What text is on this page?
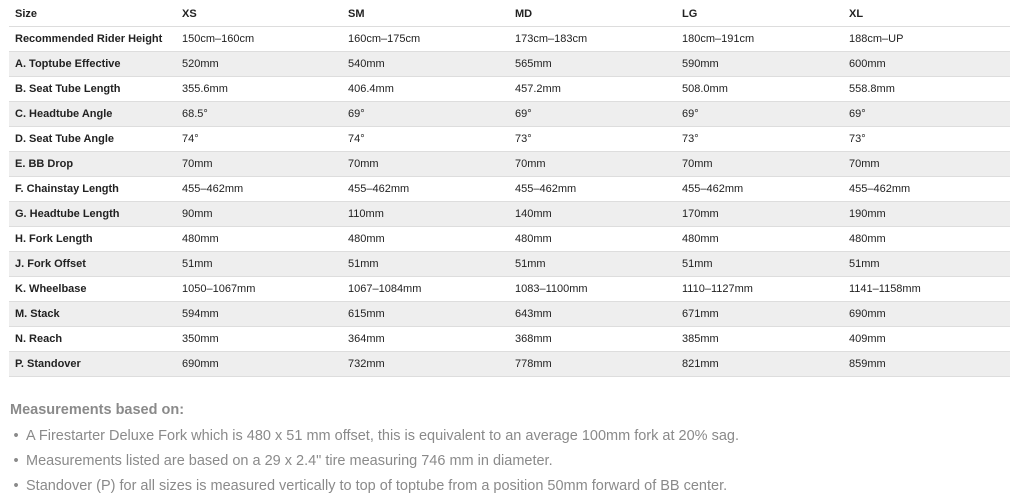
Size	XS	SM	MD	LG	XL
Recommended Rider Height	150cm–160cm	160cm–175cm	173cm–183cm	180cm–191cm	188cm–UP
A. Toptube Effective	520mm	540mm	565mm	590mm	600mm
B. Seat Tube Length	355.6mm	406.4mm	457.2mm	508.0mm	558.8mm
C. Headtube Angle	68.5°	69°	69°	69°	69°
D. Seat Tube Angle	74°	74°	73°	73°	73°
E. BB Drop	70mm	70mm	70mm	70mm	70mm
F. Chainstay Length	455–462mm	455–462mm	455–462mm	455–462mm	455–462mm
G. Headtube Length	90mm	110mm	140mm	170mm	190mm
H. Fork Length	480mm	480mm	480mm	480mm	480mm
J. Fork Offset	51mm	51mm	51mm	51mm	51mm
K. Wheelbase	1050–1067mm	1067–1084mm	1083–1100mm	1110–1127mm	1141–1158mm
M. Stack	594mm	615mm	643mm	671mm	690mm
N. Reach	350mm	364mm	368mm	385mm	409mm
P. Standover	690mm	732mm	778mm	821mm	859mm
Measurements based on:
• A Firestarter Deluxe Fork which is 480 x 51 mm offset, this is equivalent to an average 100mm fork at 20% sag.
• Measurements listed are based on a 29 x 2.4" tire measuring 746 mm in diameter.
• Standover (P) for all sizes is measured vertically to top of toptube from a position 50mm forward of BB center.
